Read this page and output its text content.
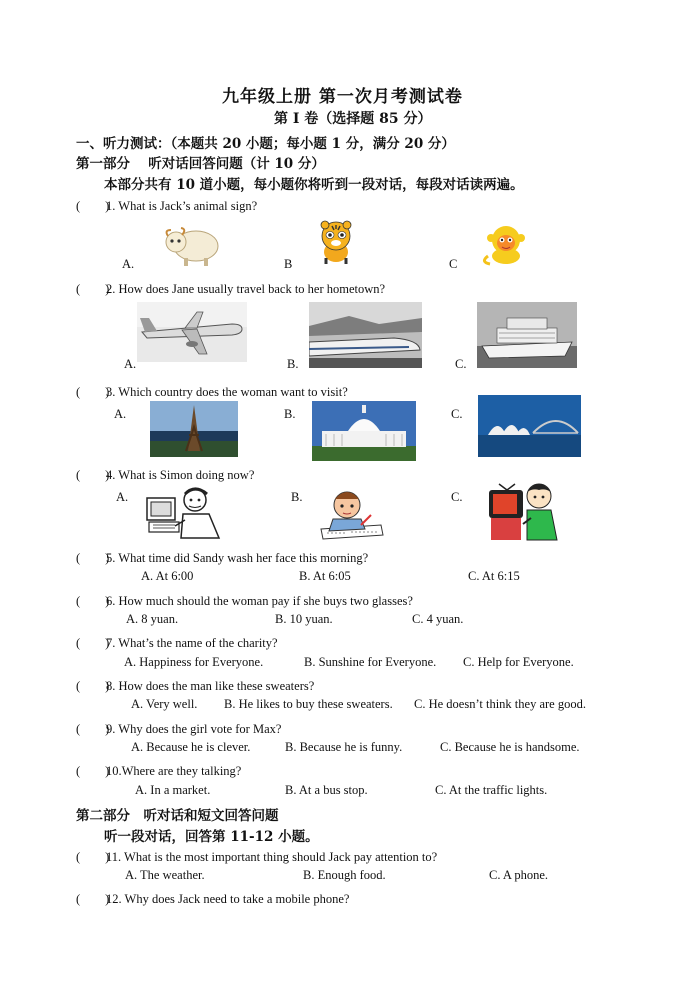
九年级上册 第一次月考测试卷
第 I 卷（选择题 85 分）
一、听力测试：（本题共 20 小题；每小题 1 分，满分 20 分）
第一部分　 听对话回答问题（计 10 分）
本部分共有 10 道小题，每小题你将听到一段对话，每段对话读两遍。
(　　)1. What is Jack’s animal sign?
A.	B	C
(　　)2. How does Jane usually travel back to her hometown?
A.	B.	C.
(　　)3. Which country does the woman want to visit?
A.	B.	C.
(　　)4. What is Simon doing now?
A.	B.	C.
(　　)5. What time did Sandy wash her face this morning?
A. At 6:00	B. At 6:05	C. At 6:15
(　　)6. How much should the woman pay if she buys two glasses?
A. 8 yuan.	B. 10 yuan.	C. 4 yuan.
(　　)7. What’s the name of the charity?
A. Happiness for Everyone.	B. Sunshine for Everyone. C. Help for Everyone.
(　　)8. How does the man like these sweaters?
A. Very well. B. He likes to buy these sweaters. C. He doesn’t think they are good.
(　　)9. Why does the girl vote for Max?
A. Because he is clever.	B. Because he is funny.	C. Because he is handsome.
(　　)10.Where are they talking?
A. In a market.	B. At a bus stop.	C. At the traffic lights.
第二部分　听对话和短文回答问题
听一段对话，回答第 11-12 小题。
(　　)11. What is the most important thing should Jack pay attention to?
A. The weather.	B. Enough food.	C. A phone.
(　　)12. Why does Jack need to take a mobile phone?
